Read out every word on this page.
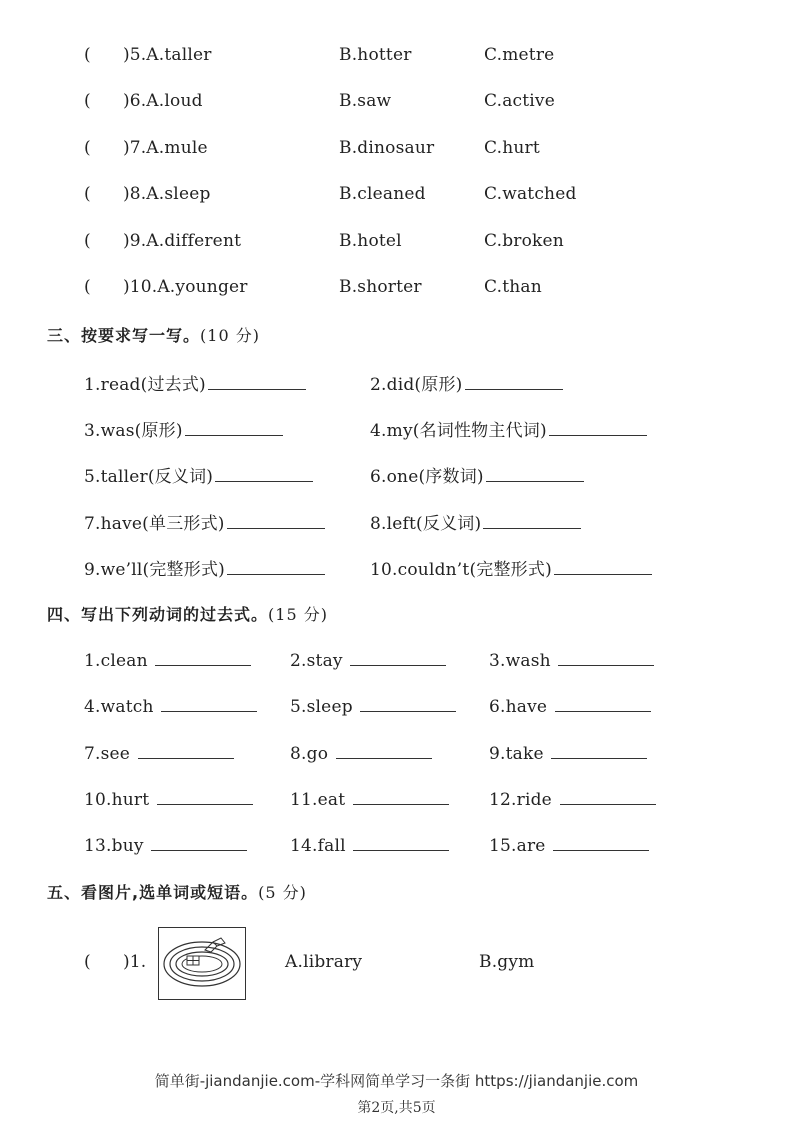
(      )5.A.taller	B.hotter	C.metre
(      )6.A.loud	B.saw	C.active
(      )7.A.mule	B.dinosaur	C.hurt
(      )8.A.sleep	B.cleaned	C.watched
(      )9.A.different	B.hotel	C.broken
(      )10.A.younger	B.shorter	C.than
三、按要求写一写。(10 分)
1.read(过去式)	2.did(原形)
3.was(原形)	4.my(名词性物主代词)
5.taller(反义词)	6.one(序数词)
7.have(单三形式)	8.left(反义词)
9.we’ll(完整形式)	10.couldn’t(完整形式)
四、写出下列动词的过去式。(15 分)
1.clean	2.stay	3.wash
4.watch	5.sleep	6.have
7.see	8.go	9.take
10.hurt	11.eat	12.ride
13.buy	14.fall	15.are
五、看图片,选单词或短语。(5 分)
(      )1.	A.library	B.gym
简单街-jiandanjie.com-学科网简单学习一条街 https://jiandanjie.com
第2页,共5页
